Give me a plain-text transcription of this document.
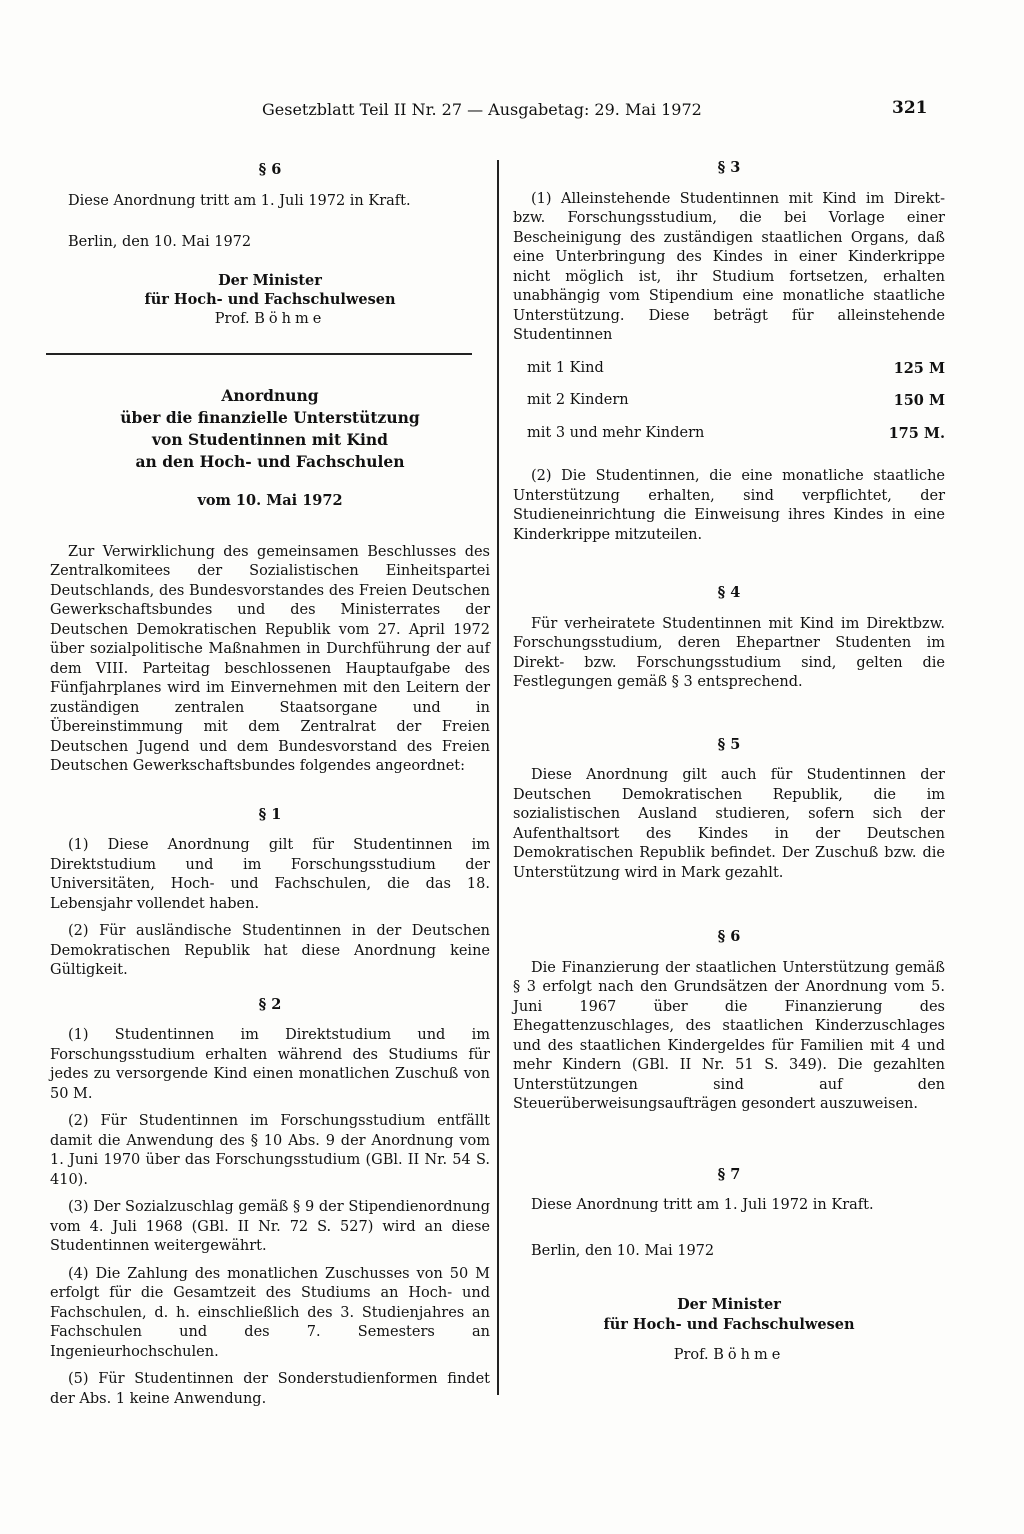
Gesetzblatt Teil II Nr. 27 — Ausgabetag: 29. Mai 1972	321
§ 6

Diese Anordnung tritt am 1. Juli 1972 in Kraft.

Berlin, den 10. Mai 1972

Der Minister
für Hoch- und Fachschulwesen
Prof. Böhme
Anordnung
über die finanzielle Unterstützung
von Studentinnen mit Kind
an den Hoch- und Fachschulen
vom 10. Mai 1972

Zur Verwirklichung des gemeinsamen Beschlusses des Zentralkomitees der Sozialistischen Einheitspartei Deutschlands, des Bundesvorstandes des Freien Deutschen Gewerkschaftsbundes und des Ministerrates der Deutschen Demokratischen Republik vom 27. April 1972 über sozialpolitische Maßnahmen in Durchführung der auf dem VIII. Parteitag beschlossenen Hauptaufgabe des Fünfjahrplanes wird im Einvernehmen mit den Leitern der zuständigen zentralen Staatsorgane und in Übereinstimmung mit dem Zentralrat der Freien Deutschen Jugend und dem Bundesvorstand des Freien Deutschen Gewerkschaftsbundes folgendes angeordnet:

§ 1

(1) Diese Anordnung gilt für Studentinnen im Direktstudium und im Forschungsstudium der Universitäten, Hoch- und Fachschulen, die das 18. Lebensjahr vollendet haben.

(2) Für ausländische Studentinnen in der Deutschen Demokratischen Republik hat diese Anordnung keine Gültigkeit.

§ 2

(1) Studentinnen im Direktstudium und im Forschungsstudium erhalten während des Studiums für jedes zu versorgende Kind einen monatlichen Zuschuß von 50 M.

(2) Für Studentinnen im Forschungsstudium entfällt damit die Anwendung des § 10 Abs. 9 der Anordnung vom 1. Juni 1970 über das Forschungsstudium (GBl. II Nr. 54 S. 410).

(3) Der Sozialzuschlag gemäß § 9 der Stipendienordnung vom 4. Juli 1968 (GBl. II Nr. 72 S. 527) wird an diese Studentinnen weitergewährt.

(4) Die Zahlung des monatlichen Zuschusses von 50 M erfolgt für die Gesamtzeit des Studiums an Hoch- und Fachschulen, d. h. einschließlich des 3. Studienjahres an Fachschulen und des 7. Semesters an Ingenieurhochschulen.

(5) Für Studentinnen der Sonderstudienformen findet der Abs. 1 keine Anwendung.

§ 3

(1) Alleinstehende Studentinnen mit Kind im Direkt- bzw. Forschungsstudium, die bei Vorlage einer Bescheinigung des zuständigen staatlichen Organs, daß eine Unterbringung des Kindes in einer Kinderkrippe nicht möglich ist, ihr Studium fortsetzen, erhalten unabhängig vom Stipendium eine monatliche staatliche Unterstützung. Diese beträgt für alleinstehende Studentinnen

mit 1 Kind	125 M
mit 2 Kindern	150 M
mit 3 und mehr Kindern	175 M.

(2) Die Studentinnen, die eine monatliche staatliche Unterstützung erhalten, sind verpflichtet, der Studieneinrichtung die Einweisung ihres Kindes in eine Kinderkrippe mitzuteilen.

§ 4

Für verheiratete Studentinnen mit Kind im Direktbzw. Forschungsstudium, deren Ehepartner Studenten im Direkt- bzw. Forschungsstudium sind, gelten die Festlegungen gemäß § 3 entsprechend.

§ 5

Diese Anordnung gilt auch für Studentinnen der Deutschen Demokratischen Republik, die im sozialistischen Ausland studieren, sofern sich der Aufenthaltsort des Kindes in der Deutschen Demokratischen Republik befindet. Der Zuschuß bzw. die Unterstützung wird in Mark gezahlt.

§ 6

Die Finanzierung der staatlichen Unterstützung gemäß § 3 erfolgt nach den Grundsätzen der Anordnung vom 5. Juni 1967 über die Finanzierung des Ehegattenzuschlages, des staatlichen Kinderzuschlages und des staatlichen Kindergeldes für Familien mit 4 und mehr Kindern (GBl. II Nr. 51 S. 349). Die gezahlten Unterstützungen sind auf den Steuerüberweisungsaufträgen gesondert auszuweisen.

§ 7

Diese Anordnung tritt am 1. Juli 1972 in Kraft.

Berlin, den 10. Mai 1972

Der Minister
für Hoch- und Fachschulwesen
Prof. Böhme
